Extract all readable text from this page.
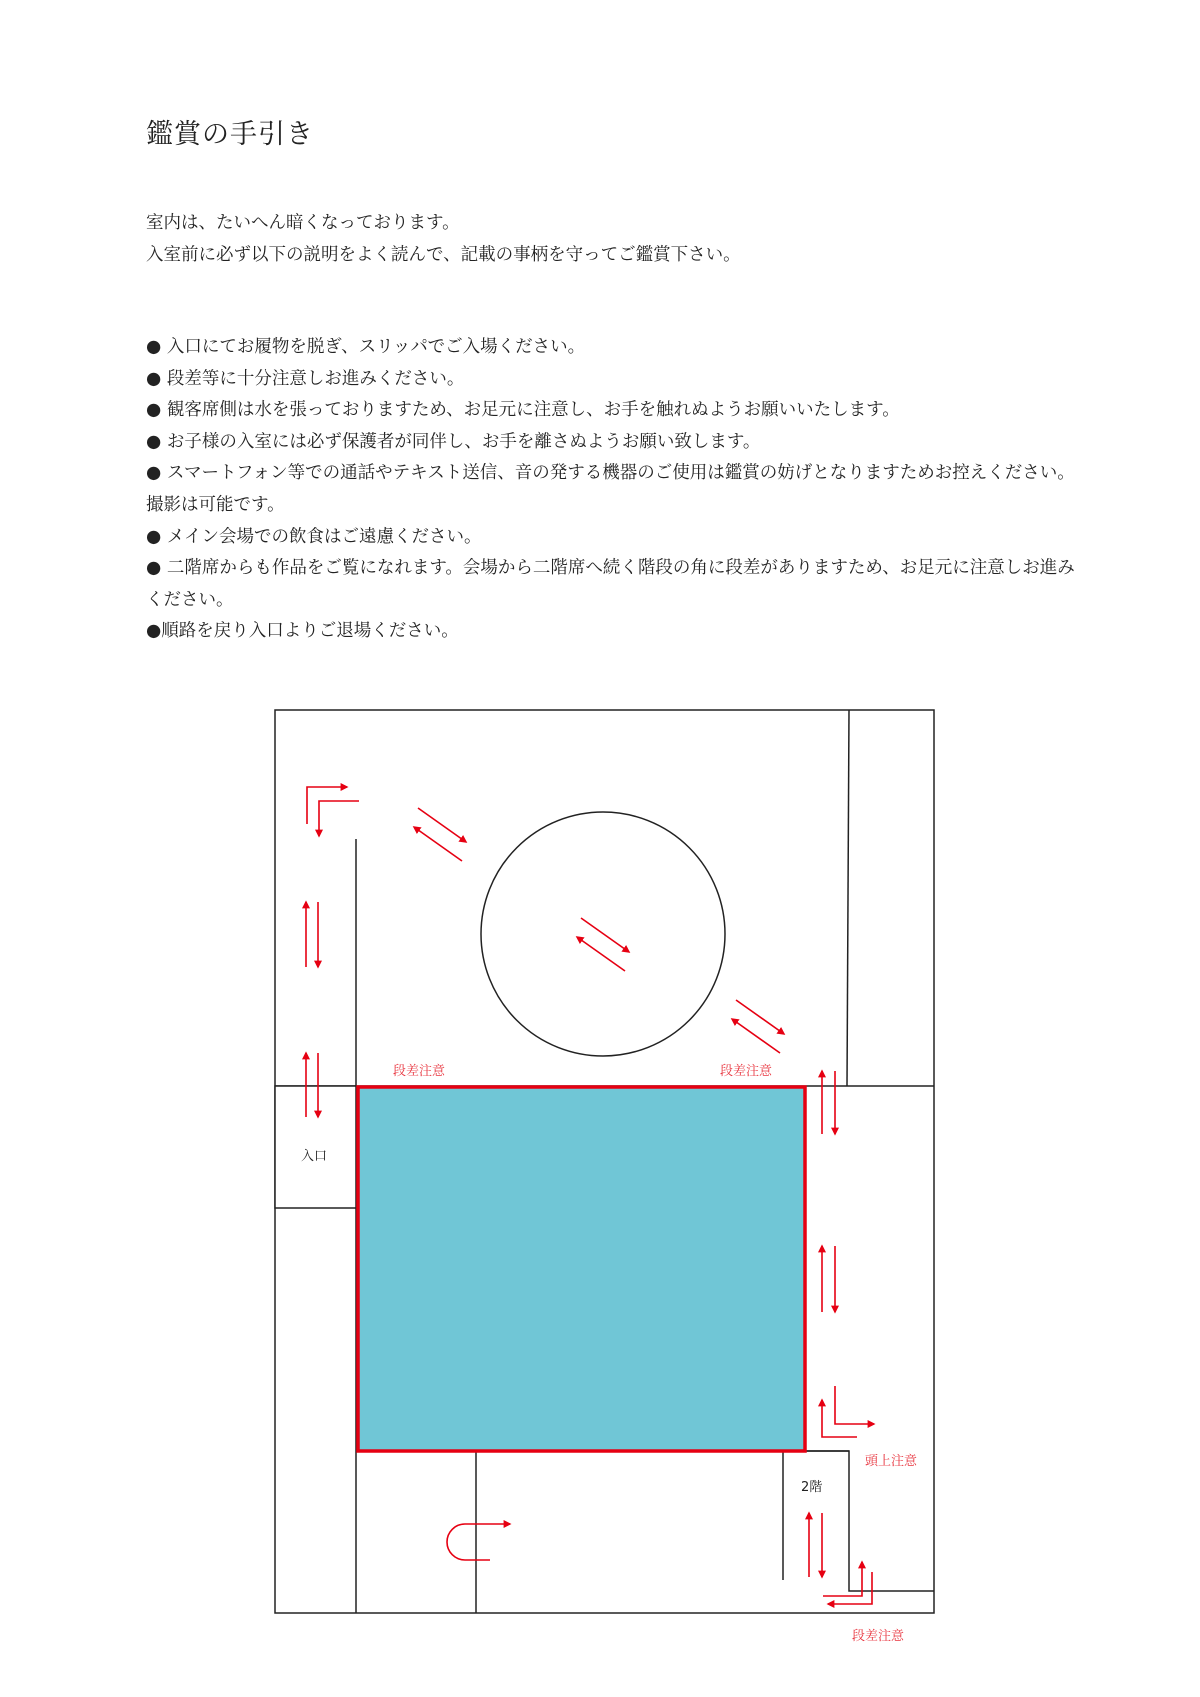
鑑賞の手引き
室内は、たいへん暗くなっております。
入室前に必ず以下の説明をよく読んで、記載の事柄を守ってご鑑賞下さい。
● 入口にてお履物を脱ぎ、スリッパでご入場ください。
● 段差等に十分注意しお進みください。
● 観客席側は水を張っておりますため、お足元に注意し、お手を触れぬようお願いいたします。
● お子様の入室には必ず保護者が同伴し、お手を離さぬようお願い致します。
● スマートフォン等での通話やテキスト送信、音の発する機器のご使用は鑑賞の妨げとなりますためお控えください。撮影は可能です。
● メイン会場での飲食はご遠慮ください。
● 二階席からも作品をご覧になれます。会場から二階席へ続く階段の角に段差がありますため、お足元に注意しお進みください。
●順路を戻り入口よりご退場ください。
入口
2階
段差注意	段差注意
頭上注意
段差注意
